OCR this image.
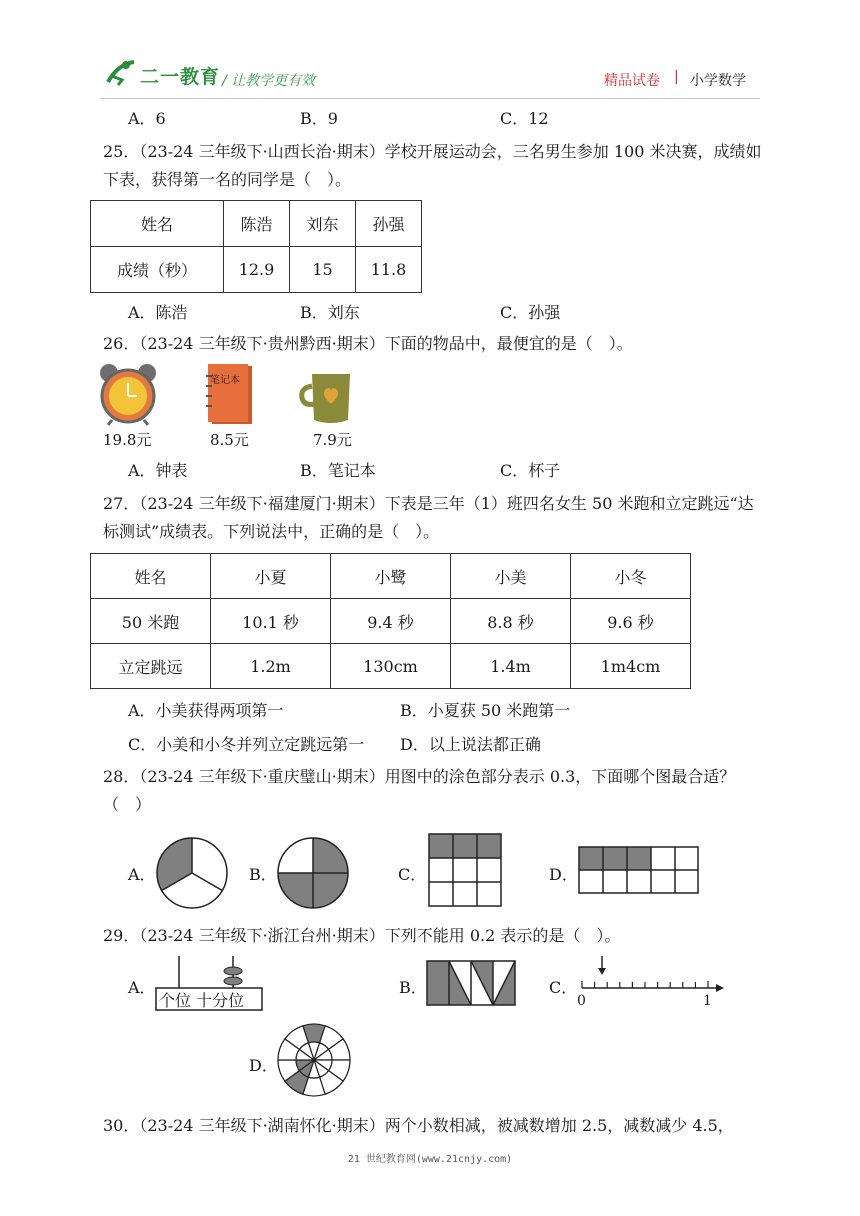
二一教育 / 让教学更有效	精品试卷 | 小学数学
A．6	B．9	C．12
25．（23-24 三年级下·山西长治·期末）学校开展运动会，三名男生参加 100 米决赛，成绩如下表，获得第一名的同学是（　）。
姓名	陈浩	刘东	孙强
成绩（秒）	12.9	15	11.8
A．陈浩	B．刘东	C．孙强
26．（23-24 三年级下·贵州黔西·期末）下面的物品中，最便宜的是（　）。
笔记本
19.8元	8.5元	7.9元
A．钟表	B．笔记本	C．杯子
27．（23-24 三年级下·福建厦门·期末）下表是三年（1）班四名女生 50 米跑和立定跳远“达标测试”成绩表。下列说法中，正确的是（　）。
姓名	小夏	小鹭	小美	小冬
50 米跑	10.1 秒	9.4 秒	8.8 秒	9.6 秒
立定跳远	1.2m	130cm	1.4m	1m4cm
A．小美获得两项第一	B．小夏获 50 米跑第一
C．小美和小冬并列立定跳远第一 D．以上说法都正确
28．（23-24 三年级下·重庆璧山·期末）用图中的涂色部分表示 0.3，下面哪个图最合适？（　）
A．	B．	C．	D．
29．（23-24 三年级下·浙江台州·期末）下列不能用 0.2 表示的是（　）。
A．
个位 十分位
B．	C．
0	1
D．
30．（23-24 三年级下·湖南怀化·期末）两个小数相减，被减数增加 2.5，减数减少 4.5，
21 世纪教育网(www.21cnjy.com)
